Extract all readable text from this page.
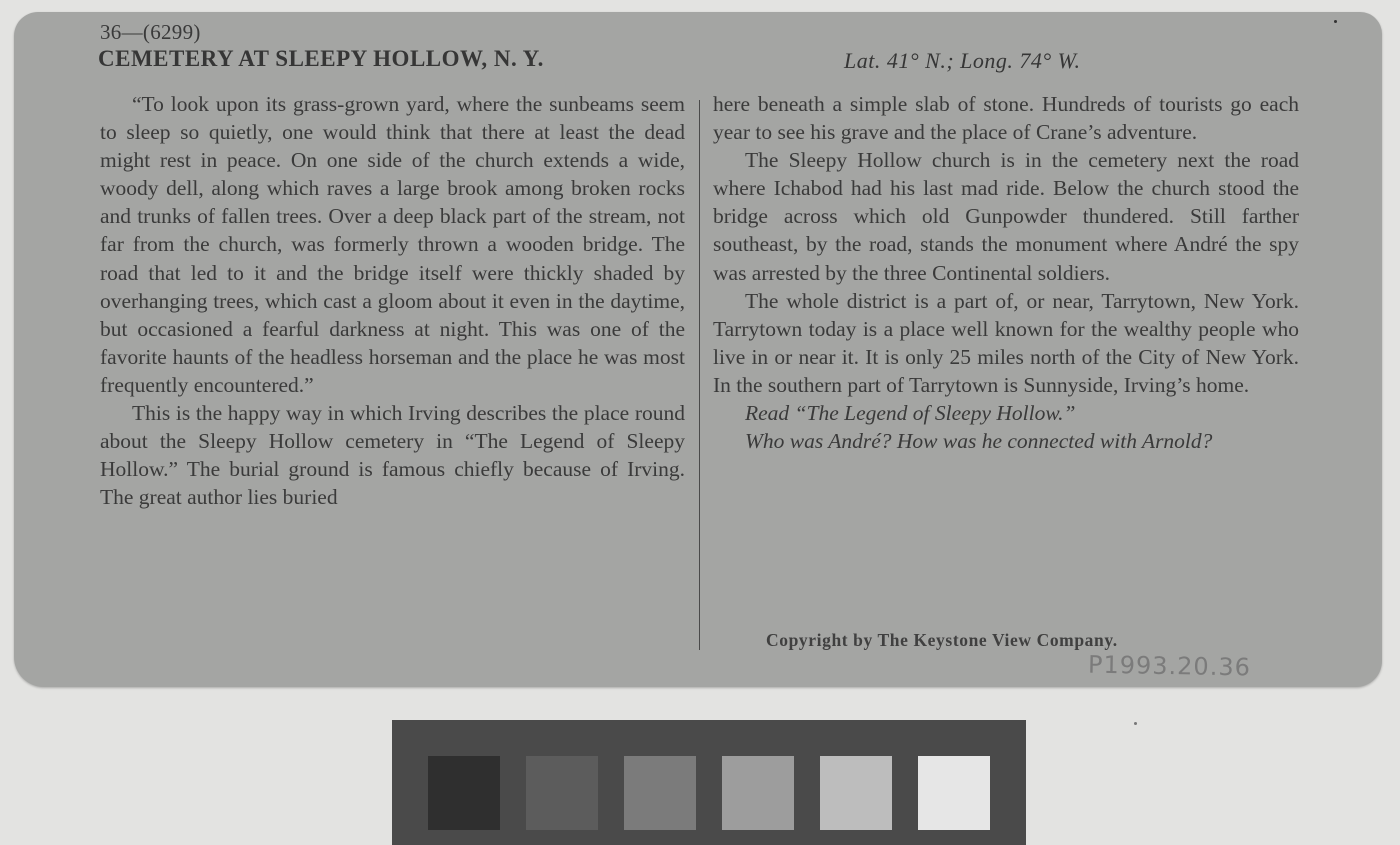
36—(6299)
CEMETERY AT SLEEPY HOLLOW, N. Y.	Lat. 41° N.; Long. 74° W.

“To look upon its grass-grown yard, where the sunbeams seem to sleep so quietly, one would think that there at least the dead might rest in peace. On one side of the church extends a wide, woody dell, along which raves a large brook among broken rocks and trunks of fallen trees. Over a deep black part of the stream, not far from the church, was formerly thrown a wooden bridge. The road that led to it and the bridge itself were thickly shaded by overhanging trees, which cast a gloom about it even in the daytime, but occasioned a fearful darkness at night. This was one of the favorite haunts of the headless horseman and the place he was most frequently encountered.”

This is the happy way in which Irving describes the place round about the Sleepy Hollow cemetery in “The Legend of Sleepy Hollow.” The burial ground is famous chiefly because of Irving. The great author lies buried

here beneath a simple slab of stone. Hundreds of tourists go each year to see his grave and the place of Crane’s adventure.

The Sleepy Hollow church is in the cemetery next the road where Ichabod had his last mad ride. Below the church stood the bridge across which old Gunpowder thundered. Still farther southeast, by the road, stands the monument where André the spy was arrested by the three Continental soldiers.

The whole district is a part of, or near, Tarrytown, New York. Tarrytown today is a place well known for the wealthy people who live in or near it. It is only 25 miles north of the City of New York. In the southern part of Tarrytown is Sunnyside, Irving’s home.

Read “The Legend of Sleepy Hollow.”

Who was André? How was he connected with Arnold?

Copyright by The Keystone View Company.
P1993.20.36
